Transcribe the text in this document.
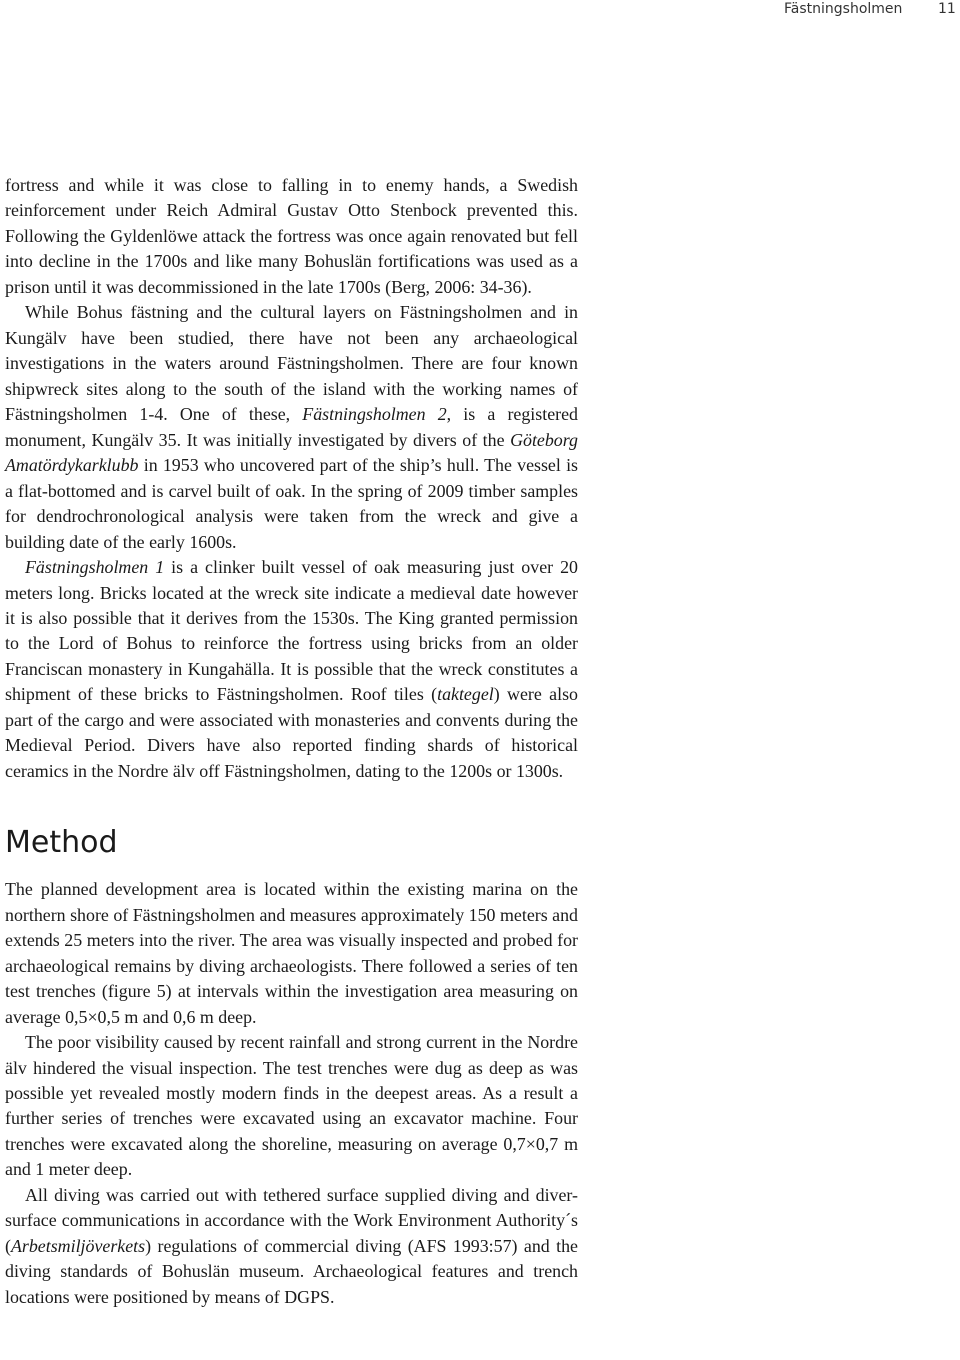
Fästningsholmen	11

fortress and while it was close to falling in to enemy hands, a Swedish reinforcement under Reich Admiral Gustav Otto Stenbock prevented this. Following the Gyldenlöwe attack the fortress was once again renovated but fell into decline in the 1700s and like many Bohuslän fortifications was used as a prison until it was decommissioned in the late 1700s (Berg, 2006: 34-36).

While Bohus fästning and the cultural layers on Fästningsholmen and in Kungälv have been studied, there have not been any archaeological investigations in the waters around Fästningsholmen. There are four known shipwreck sites along to the south of the island with the working names of Fästningsholmen 1-4. One of these, Fästningsholmen 2, is a registered monument, Kungälv 35. It was initially investigated by divers of the Göteborg Amatördykarklubb in 1953 who uncovered part of the ship’s hull. The vessel is a flat-bottomed and is carvel built of oak. In the spring of 2009 timber samples for dendrochronological analysis were taken from the wreck and give a building date of the early 1600s.

Fästningsholmen 1 is a clinker built vessel of oak measuring just over 20 meters long. Bricks located at the wreck site indicate a medieval date however it is also possible that it derives from the 1530s. The King granted permission to the Lord of Bohus to reinforce the fortress using bricks from an older Franciscan monastery in Kungahälla. It is possible that the wreck constitutes a shipment of these bricks to Fästningsholmen. Roof tiles (taktegel) were also part of the cargo and were associated with monasteries and convents during the Medieval Period. Divers have also reported finding shards of historical ceramics in the Nordre älv off Fästningsholmen, dating to the 1200s or 1300s.

Method

The planned development area is located within the existing marina on the northern shore of Fästningsholmen and measures approximately 150 meters and extends 25 meters into the river. The area was visually inspected and probed for archaeological remains by diving archaeologists. There followed a series of ten test trenches (figure 5) at intervals within the investigation area measuring on average 0,5×0,5 m and 0,6 m deep.

The poor visibility caused by recent rainfall and strong current in the Nordre älv hindered the visual inspection. The test trenches were dug as deep as was possible yet revealed mostly modern finds in the deepest areas. As a result a further series of trenches were excavated using an excavator machine. Four trenches were excavated along the shoreline, measuring on average 0,7×0,7 m and 1 meter deep.

All diving was carried out with tethered surface supplied diving and diver-surface communications in accordance with the Work Environment Authority´s (Arbetsmiljöverkets) regulations of commercial diving (AFS 1993:57) and the diving standards of Bohuslän museum. Archaeological features and trench locations were positioned by means of DGPS.
